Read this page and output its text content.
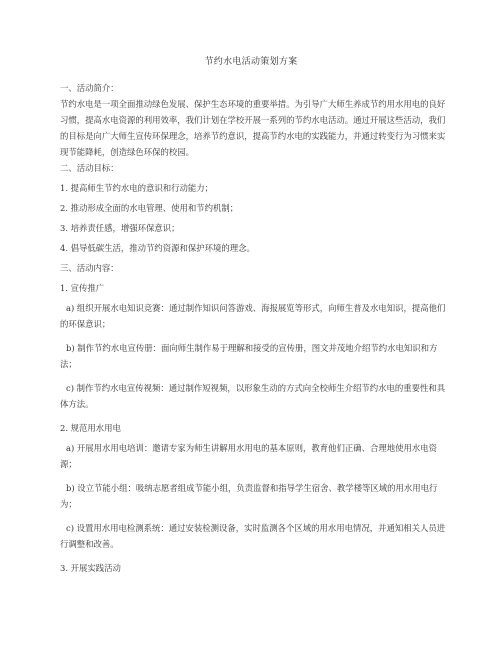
节约水电活动策划方案
一、活动简介：
节约水电是一项全面推动绿色发展、保护生态环境的重要举措。为引导广大师生养成节约用水用电的良好习惯，提高水电资源的利用效率，我们计划在学校开展一系列的节约水电活动。通过开展这些活动，我们的目标是向广大师生宣传环保理念，培养节约意识，提高节约水电的实践能力，并通过转变行为习惯来实现节能降耗，创造绿色环保的校园。
二、活动目标：
1. 提高师生节约水电的意识和行动能力；
2. 推动形成全面的水电管理、使用和节约机制；
3. 培养责任感，增强环保意识；
4. 倡导低碳生活，推动节约资源和保护环境的理念。
三、活动内容：
1. 宣传推广
a) 组织开展水电知识竞赛：通过制作知识问答游戏、海报展览等形式，向师生普及水电知识，提高他们的环保意识；
b) 制作节约水电宣传册：面向师生制作易于理解和接受的宣传册，图文并茂地介绍节约水电知识和方法；
c) 制作节约水电宣传视频：通过制作短视频，以形象生动的方式向全校师生介绍节约水电的重要性和具体方法。
2. 规范用水用电
a) 开展用水用电培训：邀请专家为师生讲解用水用电的基本原则，教育他们正确、合理地使用水电资源；
b) 设立节能小组：吸纳志愿者组成节能小组，负责监督和指导学生宿舍、教学楼等区域的用水用电行为；
c) 设置用水用电检测系统：通过安装检测设备，实时监测各个区域的用水用电情况，并通知相关人员进行调整和改善。
3. 开展实践活动
